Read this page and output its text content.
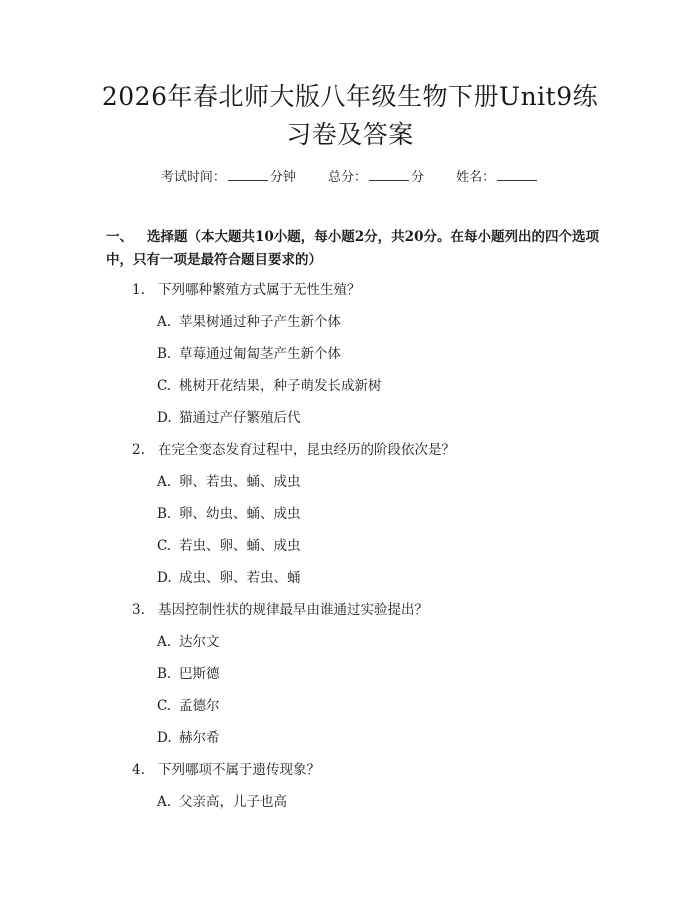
2026年春北师大版八年级生物下册Unit9练
习卷及答案
考试时间：	分钟 总分：	分 姓名：
一、 选择题（本大题共10小题，每小题2分，共20分。在每小题列出的四个选项中，只有一项是最符合题目要求的）
1. 下列哪种繁殖方式属于无性生殖？
A. 苹果树通过种子产生新个体
B. 草莓通过匍匐茎产生新个体
C. 桃树开花结果，种子萌发长成新树
D. 猫通过产仔繁殖后代
2. 在完全变态发育过程中，昆虫经历的阶段依次是？
A. 卵、若虫、蛹、成虫
B. 卵、幼虫、蛹、成虫
C. 若虫、卵、蛹、成虫
D. 成虫、卵、若虫、蛹
3. 基因控制性状的规律最早由谁通过实验提出？
A. 达尔文
B. 巴斯德
C. 孟德尔
D. 赫尔希
4. 下列哪项不属于遗传现象？
A. 父亲高，儿子也高
